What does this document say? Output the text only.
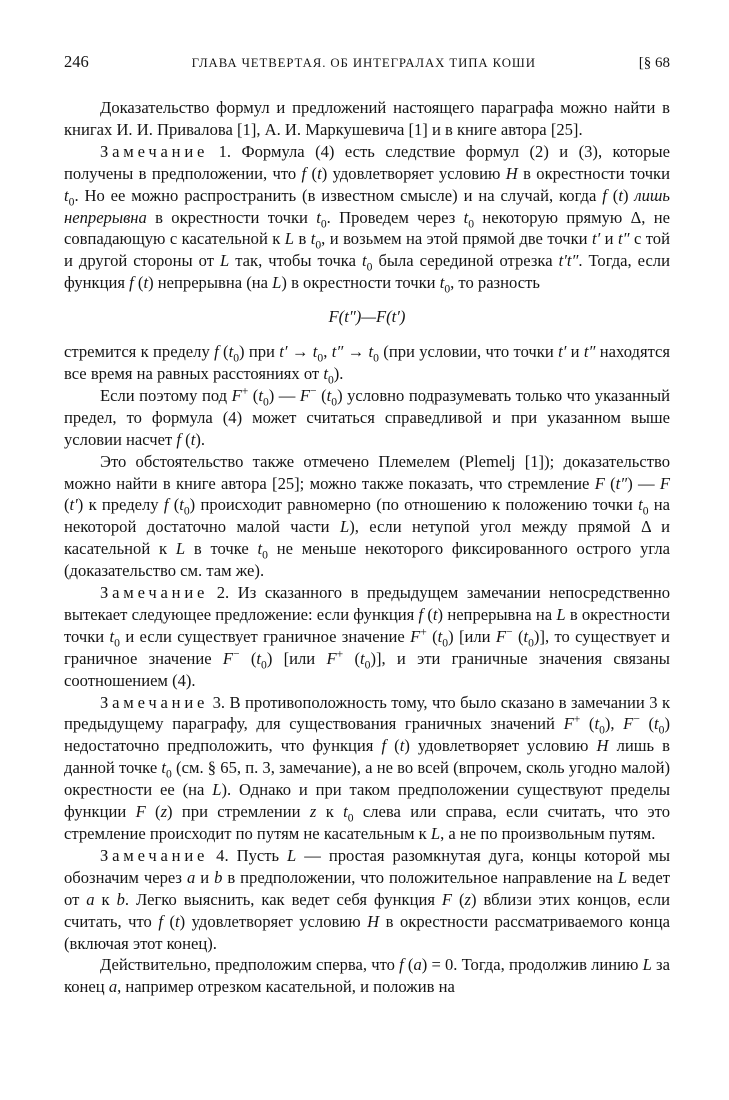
246	ГЛАВА ЧЕТВЕРТАЯ. ОБ ИНТЕГРАЛАХ ТИПА КОШИ	[§ 68

Доказательство формул и предложений настоящего параграфа можно найти в книгах И. И. Привалова [1], А. И. Маркушевича [1] и в книге автора [25].

Замечание 1. Формула (4) есть следствие формул (2) и (3), которые получены в предположении, что f (t) удовлетворяет условию H в окрестности точки $t_0$. Но ее можно распространить (в известном смысле) и на случай, когда f (t) лишь непрерывна в окрестности точки $t_0$. Проведем через $t_0$ некоторую прямую Δ, не совпадающую с касательной к L в $t_0$, и возьмем на этой прямой две точки t′ и t″ с той и другой стороны от L так, чтобы точка $t_0$ была серединой отрезка t′t″. Тогда, если функция f (t) непрерывна (на L) в окрестности точки $t_0$, то разность

F(t″)—F(t′)

стремится к пределу f $(t_0)$ при $t' \to t_0$, $t'' \to t_0$ (при условии, что точки t′ и t″ находятся все время на равных расстояниях от $t_0$).

Если поэтому под F+ $(t_0)$ — F− $(t_0)$ условно подразумевать только что указанный предел, то формула (4) может считаться справедливой и при указанном выше условии насчет f (t).

Это обстоятельство также отмечено Племелем (Plemelj [1]); доказательство можно найти в книге автора [25]; можно также показать, что стремление F (t″) — F (t′) к пределу f $(t_0)$ происходит равномерно (по отношению к положению точки $t_0$ на некоторой достаточно малой части L), если нетупой угол между прямой Δ и касательной к L в точке $t_0$ не меньше некоторого фиксированного острого угла (доказательство см. там же).

Замечание 2. Из сказанного в предыдущем замечании непосредственно вытекает следующее предложение: если функция f (t) непрерывна на L в окрестности точки $t_0$ и если существует граничное значение F+ $(t_0)$ [или F− $(t_0)$], то существует и граничное значение F− $(t_0)$ [или F+ $(t_0)$], и эти граничные значения связаны соотношением (4).

Замечание 3. В противоположность тому, что было сказано в замечании 3 к предыдущему параграфу, для существования граничных значений F+ $(t_0)$, F− $(t_0)$ недостаточно предположить, что функция f (t) удовлетворяет условию H лишь в данной точке $t_0$ (см. § 65, п. 3, замечание), а не во всей (впрочем, сколь угодно малой) окрестности ее (на L). Однако и при таком предположении существуют пределы функции F (z) при стремлении z к $t_0$ слева или справа, если считать, что это стремление происходит по путям не касательным к L, а не по произвольным путям.

Замечание 4. Пусть L — простая разомкнутая дуга, концы которой мы обозначим через a и b в предположении, что положительное направление на L ведет от a к b. Легко выяснить, как ведет себя функция F (z) вблизи этих концов, если считать, что f (t) удовлетворяет условию H в окрестности рассматриваемого конца (включая этот конец).

Действительно, предположим сперва, что f (a) = 0. Тогда, продолжив линию L за конец a, например отрезком касательной, и положив на
